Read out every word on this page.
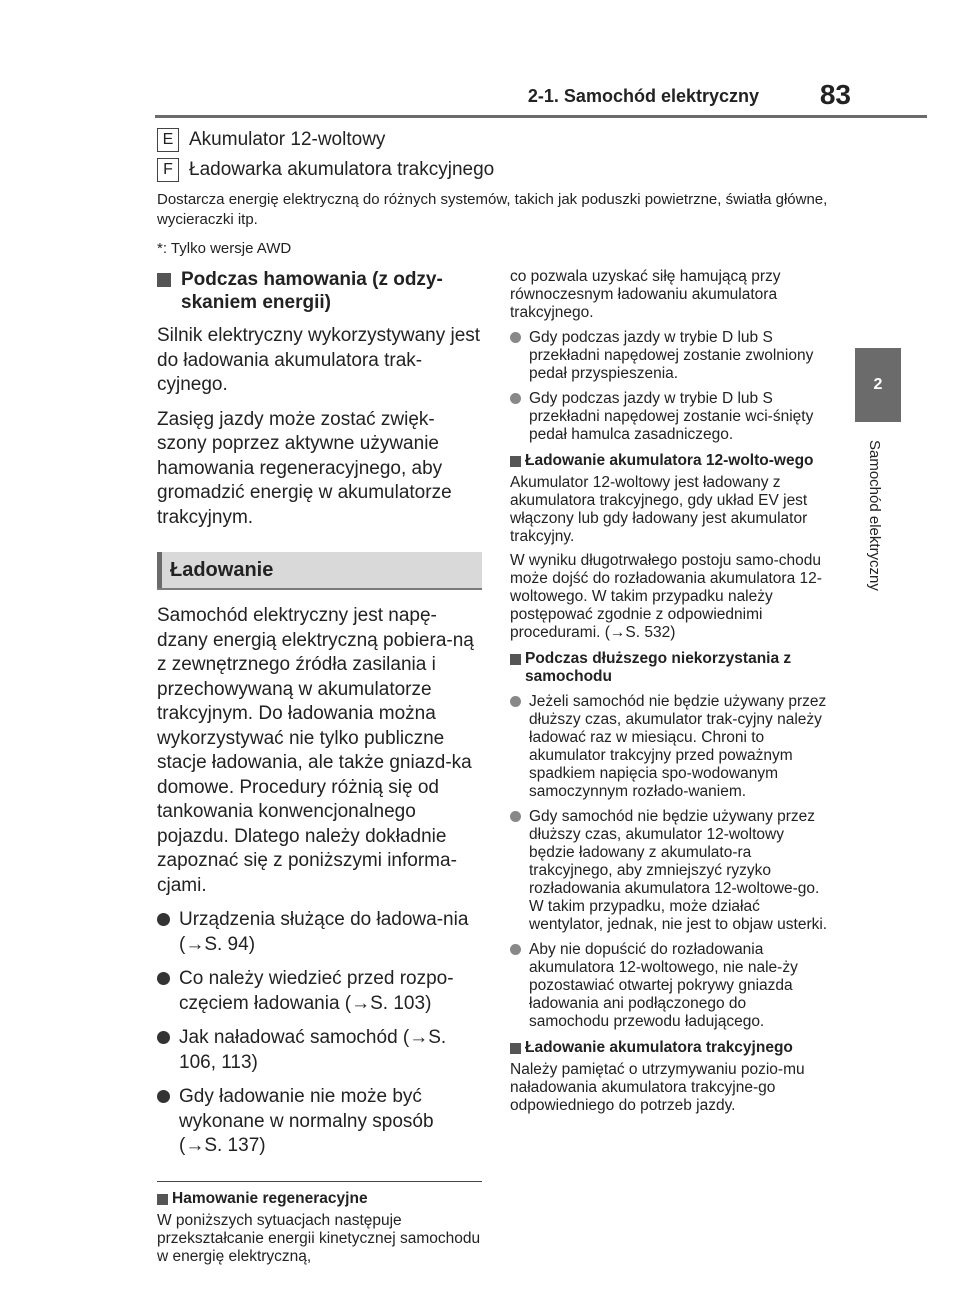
2-1. Samochód elektryczny 83
2
Samochód elektryczny
E Akumulator 12-woltowy
F Ładowarka akumulatora trakcyjnego
Dostarcza energię elektryczną do różnych systemów, takich jak poduszki powietrzne, światła główne, wycieraczki itp.
*: Tylko wersje AWD
Podczas hamowania (z odzy-skaniem energii)

Silnik elektryczny wykorzystywany jest do ładowania akumulatora trak-cyjnego.

Zasięg jazdy może zostać zwięk-szony poprzez aktywne używanie hamowania regeneracyjnego, aby gromadzić energię w akumulatorze trakcyjnym.

Ładowanie

Samochód elektryczny jest napę-dzany energią elektryczną pobiera-ną z zewnętrznego źródła zasilania i przechowywaną w akumulatorze trakcyjnym. Do ładowania można wykorzystywać nie tylko publiczne stacje ładowania, ale także gniazd-ka domowe. Procedury różnią się od tankowania konwencjonalnego pojazdu. Dlatego należy dokładnie zapoznać się z poniższymi informa-cjami.

Urządzenia służące do ładowa-nia (→S. 94)
Co należy wiedzieć przed rozpo-częciem ładowania (→S. 103)
Jak naładować samochód (→S. 106, 113)
Gdy ładowanie nie może być wykonane w normalny sposób (→S. 137)
Hamowanie regeneracyjne

W poniższych sytuacjach następuje przekształcanie energii kinetycznej samochodu w energię elektryczną,

co pozwala uzyskać siłę hamującą przy równoczesnym ładowaniu akumulatora trakcyjnego.

Gdy podczas jazdy w trybie D lub S przekładni napędowej zostanie zwolniony pedał przyspieszenia.
Gdy podczas jazdy w trybie D lub S przekładni napędowej zostanie wci-śnięty pedał hamulca zasadniczego.
Ładowanie akumulatora 12-wolto-wego

Akumulator 12-woltowy jest ładowany z akumulatora trakcyjnego, gdy układ EV jest włączony lub gdy ładowany jest akumulator trakcyjny.

W wyniku długotrwałego postoju samo-chodu może dojść do rozładowania akumulatora 12-woltowego. W takim przypadku należy postępować zgodnie z odpowiednimi procedurami. (→S. 532)

Podczas dłuższego niekorzystania z samochodu
Jeżeli samochód nie będzie używany przez dłuższy czas, akumulator trak-cyjny należy ładować raz w miesiącu. Chroni to akumulator trakcyjny przed poważnym spadkiem napięcia spo-wodowanym samoczynnym rozłado-waniem.
Gdy samochód nie będzie używany przez dłuższy czas, akumulator 12-woltowy będzie ładowany z akumulato-ra trakcyjnego, aby zmniejszyć ryzyko rozładowania akumulatora 12-woltowe-go. W takim przypadku, może działać wentylator, jednak, nie jest to objaw usterki.
Aby nie dopuścić do rozładowania akumulatora 12-woltowego, nie nale-ży pozostawiać otwartej pokrywy gniazda ładowania ani podłączonego do samochodu przewodu ładującego.
Ładowanie akumulatora trakcyjnego

Należy pamiętać o utrzymywaniu pozio-mu naładowania akumulatora trakcyjne-go odpowiedniego do potrzeb jazdy.
